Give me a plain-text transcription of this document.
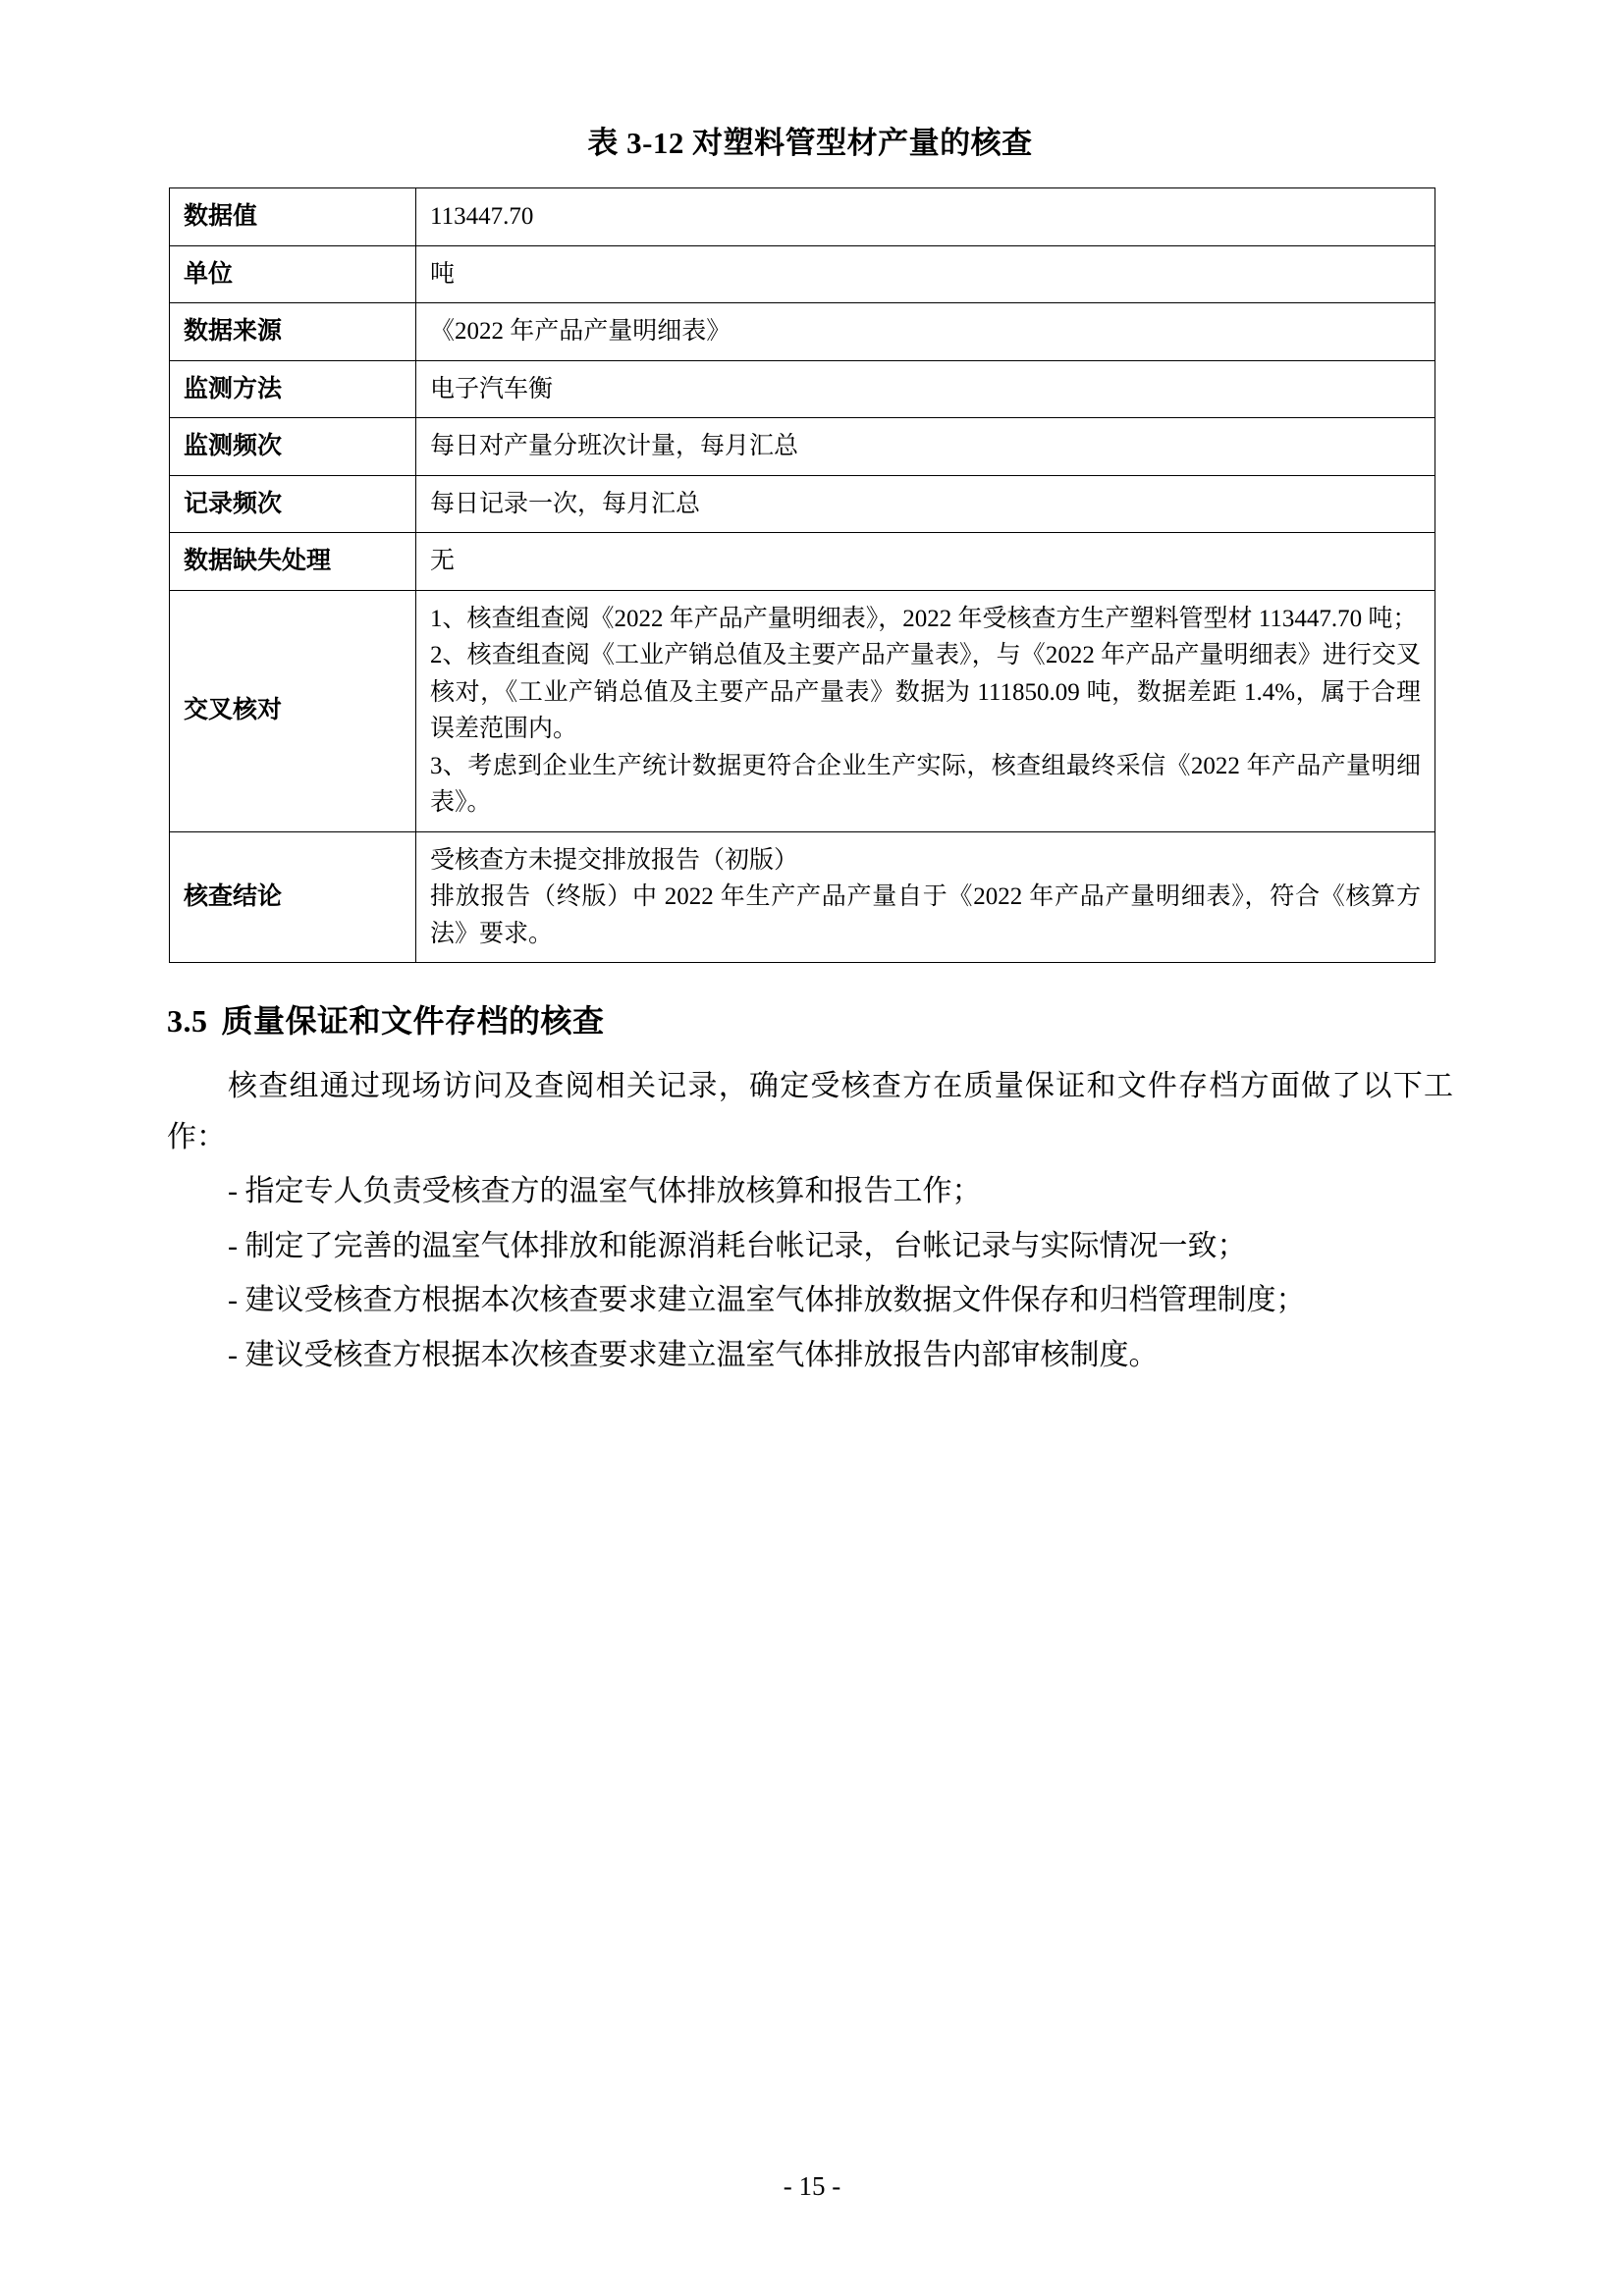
表 3-12 对塑料管型材产量的核查
数据值	113447.70
单位	吨
数据来源	《2022 年产品产量明细表》
监测方法	电子汽车衡
监测频次	每日对产量分班次计量，每月汇总
记录频次	每日记录一次，每月汇总
数据缺失处理	无
交叉核对	1、核查组查阅《2022 年产品产量明细表》，2022 年受核查方生产塑料管型材 113447.70 吨；

2、核查组查阅《工业产销总值及主要产品产量表》，与《2022 年产品产量明细表》进行交叉核对，《工业产销总值及主要产品产量表》数据为 111850.09 吨，数据差距 1.4%，属于合理误差范围内。

3、考虑到企业生产统计数据更符合企业生产实际，核查组最终采信《2022 年产品产量明细表》。

核查结论	受核查方未提交排放报告（初版）

排放报告（终版）中 2022 年生产产品产量自于《2022 年产品产量明细表》，符合《核算方法》要求。

3.5 质量保证和文件存档的核查

核查组通过现场访问及查阅相关记录，确定受核查方在质量保证和文件存档方面做了以下工作：

- 指定专人负责受核查方的温室气体排放核算和报告工作；

- 制定了完善的温室气体排放和能源消耗台帐记录，台帐记录与实际情况一致；

- 建议受核查方根据本次核查要求建立温室气体排放数据文件保存和归档管理制度；

- 建议受核查方根据本次核查要求建立温室气体排放报告内部审核制度。

- 15 -
